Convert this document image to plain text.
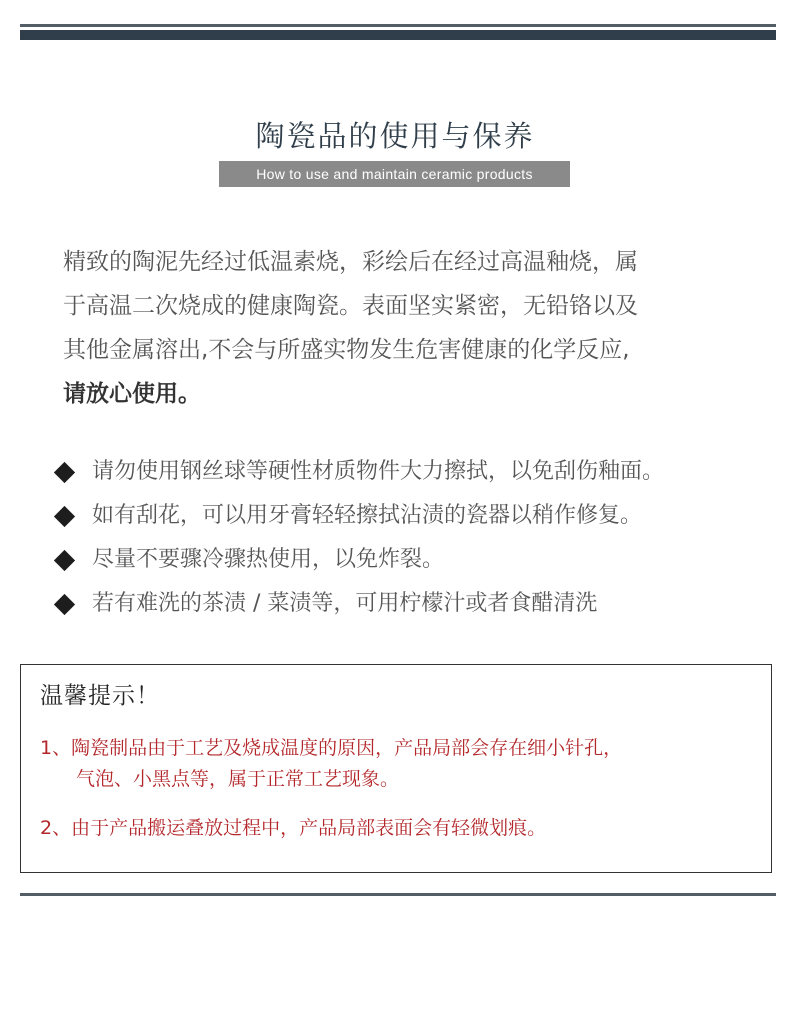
陶瓷品的使用与保养
How to use and maintain ceramic products
精致的陶泥先经过低温素烧，彩绘后在经过高温釉烧，属
于高温二次烧成的健康陶瓷。表面坚实紧密，无铅铬以及
其他金属溶出,不会与所盛实物发生危害健康的化学反应,
请放心使用。
请勿使用钢丝球等硬性材质物件大力擦拭，以免刮伤釉面。
如有刮花，可以用牙膏轻轻擦拭沾渍的瓷器以稍作修复。
尽量不要骤冷骤热使用，以免炸裂。
若有难洗的茶渍 / 菜渍等，可用柠檬汁或者食醋清洗
温馨提示！
1、陶瓷制品由于工艺及烧成温度的原因，产品局部会存在细小针孔，
气泡、小黑点等，属于正常工艺现象。
2、由于产品搬运叠放过程中，产品局部表面会有轻微划痕。
